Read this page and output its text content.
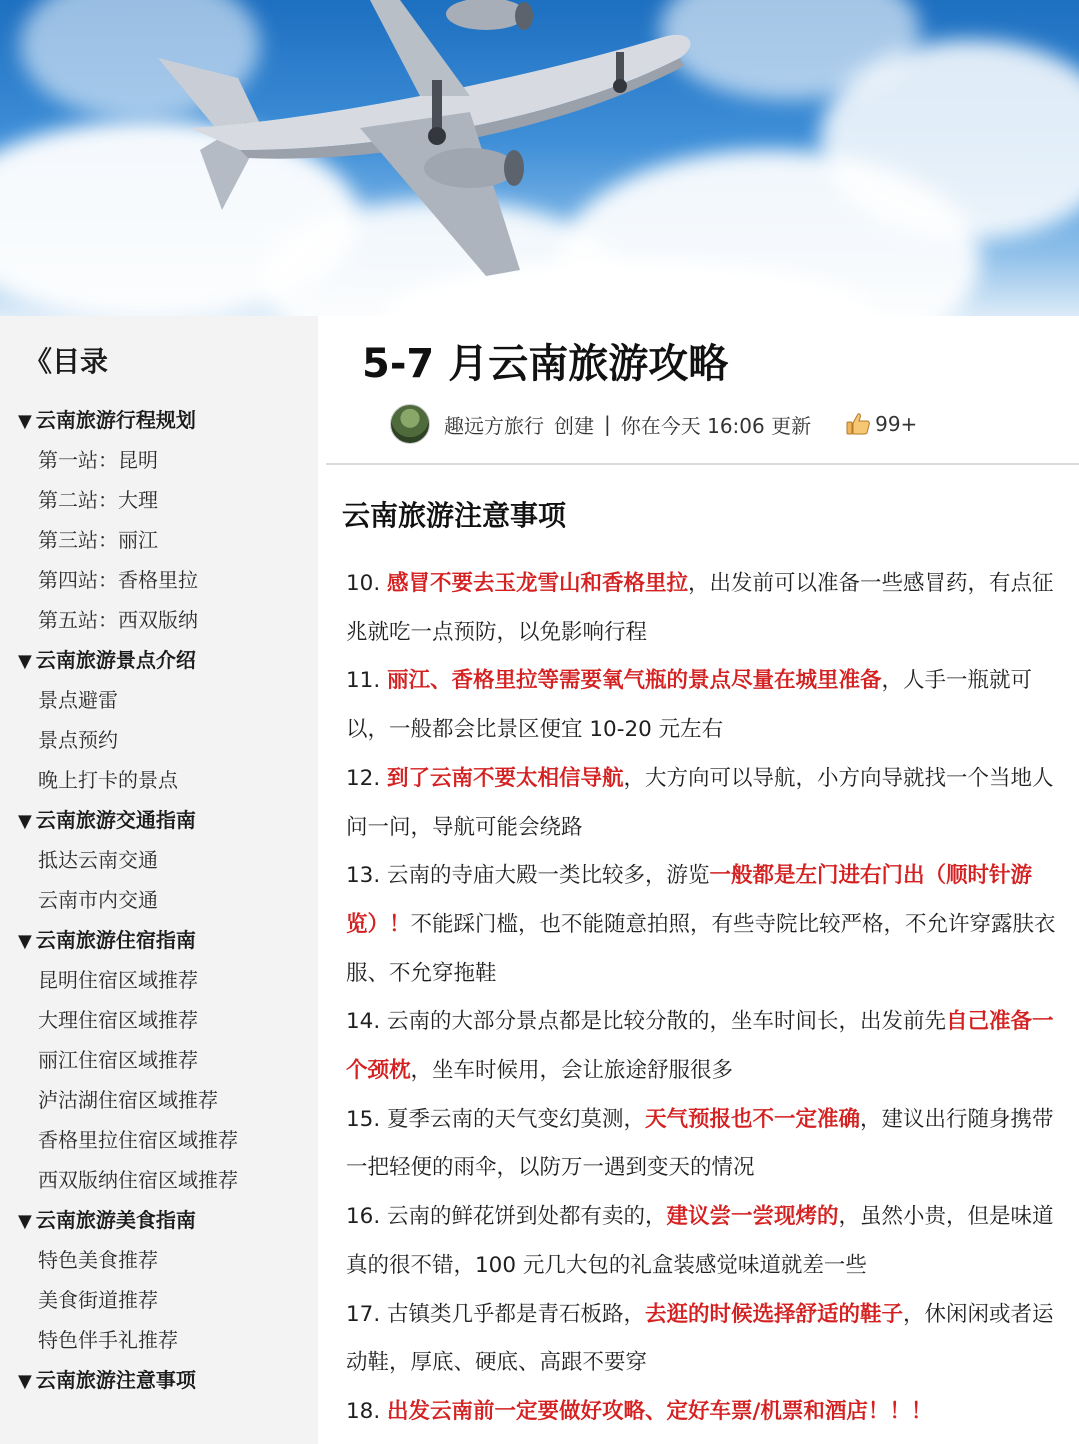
《目录
▼ 云南旅游行程规划
第一站：昆明
第二站：大理
第三站：丽江
第四站：香格里拉
第五站：西双版纳
▼ 云南旅游景点介绍
景点避雷
景点预约
晚上打卡的景点
▼ 云南旅游交通指南
抵达云南交通
云南市内交通
▼ 云南旅游住宿指南
昆明住宿区域推荐
大理住宿区域推荐
丽江住宿区域推荐
泸沽湖住宿区域推荐
香格里拉住宿区域推荐
西双版纳住宿区域推荐
▼ 云南旅游美食指南
特色美食推荐
美食街道推荐
特色伴手礼推荐
▼ 云南旅游注意事项
5-7 月云南旅游攻略
趣远方旅行 创建 | 你在今天 16:06 更新	99+
云南旅游注意事项

10. 感冒不要去玉龙雪山和香格里拉，出发前可以准备一些感冒药，有点征兆就吃一点预防，以免影响行程

11. 丽江、香格里拉等需要氧气瓶的景点尽量在城里准备，人手一瓶就可以，一般都会比景区便宜 10-20 元左右

12. 到了云南不要太相信导航，大方向可以导航，小方向导就找一个当地人问一问，导航可能会绕路

13. 云南的寺庙大殿一类比较多，游览一般都是左门进右门出（顺时针游览）！不能踩门槛，也不能随意拍照，有些寺院比较严格，不允许穿露肤衣服、不允穿拖鞋

14. 云南的大部分景点都是比较分散的，坐车时间长，出发前先自己准备一个颈枕，坐车时候用，会让旅途舒服很多

15. 夏季云南的天气变幻莫测，天气预报也不一定准确，建议出行随身携带一把轻便的雨伞，以防万一遇到变天的情况

16. 云南的鲜花饼到处都有卖的，建议尝一尝现烤的，虽然小贵，但是味道真的很不错，100 元几大包的礼盒装感觉味道就差一些

17. 古镇类几乎都是青石板路，去逛的时候选择舒适的鞋子，休闲闲或者运动鞋，厚底、硬底、高跟不要穿

18. 出发云南前一定要做好攻略、定好车票/机票和酒店！！！
